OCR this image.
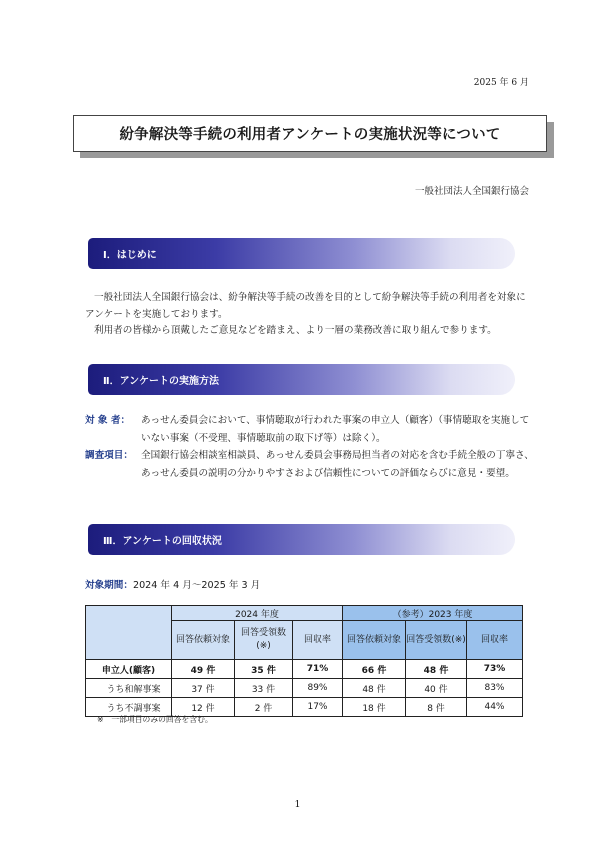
2025 年 6 月
紛争解決等手続の利用者アンケートの実施状況等について
一般社団法人全国銀行協会
Ⅰ．はじめに

一般社団法人全国銀行協会は、紛争解決等手続の改善を目的として紛争解決等手続の利用者を対象にアンケートを実施しております。

利用者の皆様から頂戴したご意見などを踏まえ、より一層の業務改善に取り組んで参ります。

Ⅱ．アンケートの実施方法
対 象 者：	あっせん委員会において、事情聴取が行われた事案の申立人（顧客）（事情聴取を実施していない事案（不受理、事情聴取前の取下げ等）は除く）。
調査項目： 全国銀行協会相談室相談員、あっせん委員会事務局担当者の対応を含む手続全般の丁寧さ、あっせん委員の説明の分かりやすさおよび信頼性についての評価ならびに意見・要望。
Ⅲ．アンケートの回収状況
対象期間：2024 年 4 月～2025 年 3 月
	2024 年度			（参考）2023 年度		
	回答依頼対象	回答受領数(※)	回収率	回答依頼対象	回答受領数(※)	回収率
申立人(顧客)	49 件	35 件	71%	66 件	48 件	73%
うち和解事案	37 件	33 件	89%	48 件	40 件	83%
うち不調事案	12 件	2 件	17%	18 件	8 件	44%
※　一部項目のみの回答を含む。
1
